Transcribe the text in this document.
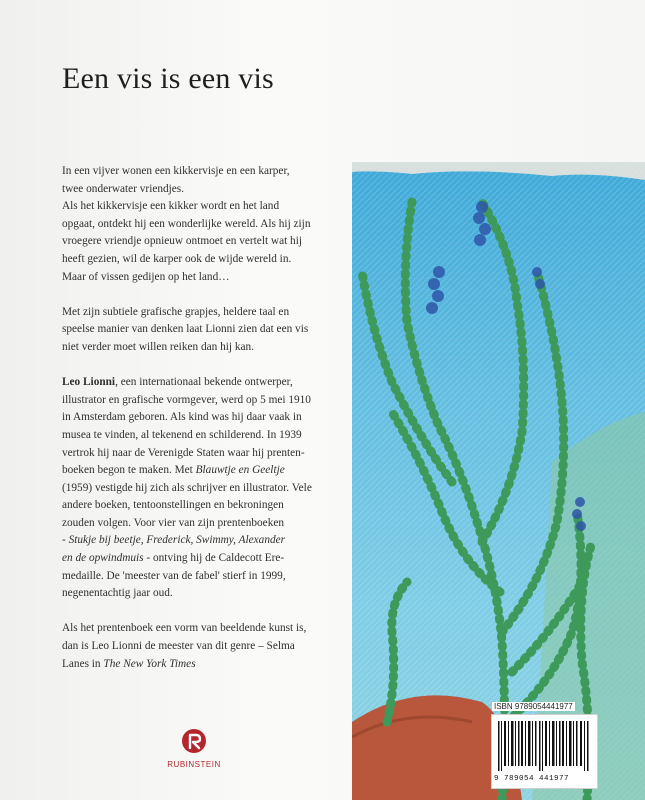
Een vis is een vis

In een vijver wonen een kikkervisje en een karper,
twee onderwater vriendjes.
Als het kikkervisje een kikker wordt en het land
opgaat, ontdekt hij een wonderlijke wereld. Als hij zijn
vroegere vriendje opnieuw ontmoet en vertelt wat hij
heeft gezien, wil de karper ook de wijde wereld in.
Maar of vissen gedijen op het land…

Met zijn subtiele grafische grapjes, heldere taal en
speelse manier van denken laat Lionni zien dat een vis
niet verder moet willen reiken dan hij kan.

Leo Lionni, een internationaal bekende ontwerper,
illustrator en grafische vormgever, werd op 5 mei 1910
in Amsterdam geboren. Als kind was hij daar vaak in
musea te vinden, al tekenend en schilderend. In 1939
vertrok hij naar de Verenigde Staten waar hij prenten-
boeken begon te maken. Met Blauwtje en Geeltje
(1959) vestigde hij zich als schrijver en illustrator. Vele
andere boeken, tentoonstellingen en bekroningen
zouden volgen. Voor vier van zijn prentenboeken
- Stukje bij beetje, Frederick, Swimmy, Alexander
en de opwindmuis - ontving hij de Caldecott Ere-
medaille. De 'meester van de fabel' stierf in 1999,
negenentachtig jaar oud.

Als het prentenboek een vorm van beeldende kunst is,
dan is Leo Lionni de meester van dit genre – Selma
Lanes in The New York Times

RUBINSTEIN
ISBN 9789054441977
9 789054 441977
